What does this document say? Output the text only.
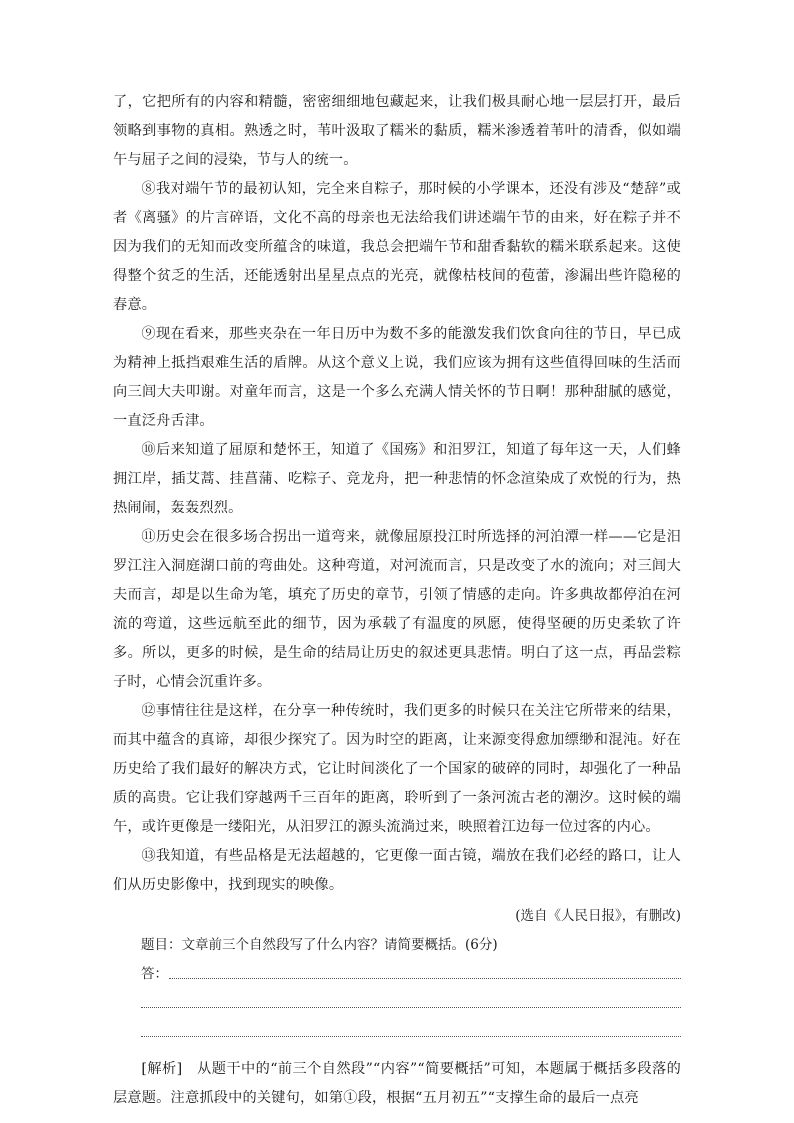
了，它把所有的内容和精髓，密密细细地包藏起来，让我们极具耐心地一层层打开，最后领略到事物的真相。熟透之时，苇叶汲取了糯米的黏质，糯米渗透着苇叶的清香，似如端午与屈子之间的浸染，节与人的统一。

⑧我对端午节的最初认知，完全来自粽子，那时候的小学课本，还没有涉及“楚辞”或者《离骚》的片言碎语，文化不高的母亲也无法给我们讲述端午节的由来，好在粽子并不因为我们的无知而改变所蕴含的味道，我总会把端午节和甜香黏软的糯米联系起来。这使得整个贫乏的生活，还能透射出星星点点的光亮，就像枯枝间的苞蕾，渗漏出些许隐秘的春意。

⑨现在看来，那些夹杂在一年日历中为数不多的能激发我们饮食向往的节日，早已成为精神上抵挡艰难生活的盾牌。从这个意义上说，我们应该为拥有这些值得回味的生活而向三闾大夫叩谢。对童年而言，这是一个多么充满人情关怀的节日啊！那种甜腻的感觉，一直泛舟舌津。

⑩后来知道了屈原和楚怀王，知道了《国殇》和汨罗江，知道了每年这一天，人们蜂拥江岸，插艾蒿、挂菖蒲、吃粽子、竞龙舟，把一种悲情的怀念渲染成了欢悦的行为，热热闹闹，轰轰烈烈。

⑪历史会在很多场合拐出一道弯来，就像屈原投江时所选择的河泊潭一样——它是汨罗江注入洞庭湖口前的弯曲处。这种弯道，对河流而言，只是改变了水的流向；对三闾大夫而言，却是以生命为笔，填充了历史的章节，引领了情感的走向。许多典故都停泊在河流的弯道，这些远航至此的细节，因为承载了有温度的夙愿，使得坚硬的历史柔软了许多。所以，更多的时候，是生命的结局让历史的叙述更具悲情。明白了这一点，再品尝粽子时，心情会沉重许多。

⑫事情往往是这样，在分享一种传统时，我们更多的时候只在关注它所带来的结果，而其中蕴含的真谛，却很少探究了。因为时空的距离，让来源变得愈加缥缈和混沌。好在历史给了我们最好的解决方式，它让时间淡化了一个国家的破碎的同时，却强化了一种品质的高贵。它让我们穿越两千三百年的距离，聆听到了一条河流古老的潮汐。这时候的端午，或许更像是一缕阳光，从汨罗江的源头流淌过来，映照着江边每一位过客的内心。

⑬我知道，有些品格是无法超越的，它更像一面古镜，端放在我们必经的路口，让人们从历史影像中，找到现实的映像。

(选自《人民日报》，有删改)

题目：文章前三个自然段写了什么内容？请简要概括。(6分)

答：

[解析]　从题干中的“前三个自然段”“内容”“简要概括”可知，本题属于概括多段落的层意题。注意抓段中的关键句，如第①段，根据“五月初五”“支撑生命的最后一点亮
